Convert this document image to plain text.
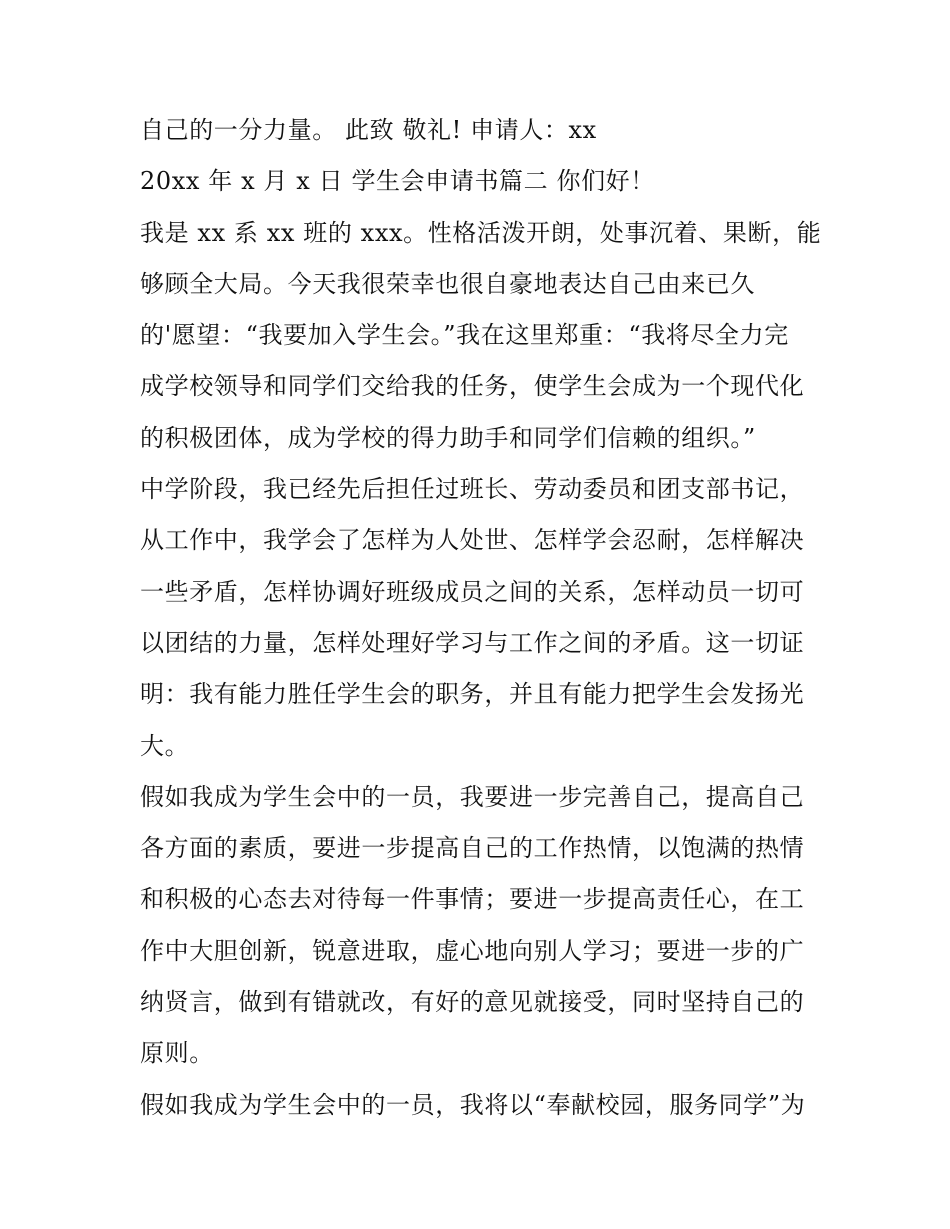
自己的一分力量。 此致 敬礼! 申请人：xx
20xx 年 x 月 x 日 学生会申请书篇二 你们好！
我是 xx 系 xx 班的 xxx。性格活泼开朗，处事沉着、果断，能
够顾全大局。今天我很荣幸也很自豪地表达自己由来已久
的'愿望：“我要加入学生会。”我在这里郑重：“我将尽全力完
成学校领导和同学们交给我的任务，使学生会成为一个现代化
的积极团体，成为学校的得力助手和同学们信赖的组织。”
中学阶段，我已经先后担任过班长、劳动委员和团支部书记，
从工作中，我学会了怎样为人处世、怎样学会忍耐，怎样解决
一些矛盾，怎样协调好班级成员之间的关系，怎样动员一切可
以团结的力量，怎样处理好学习与工作之间的矛盾。这一切证
明：我有能力胜任学生会的职务，并且有能力把学生会发扬光
大。
假如我成为学生会中的一员，我要进一步完善自己，提高自己
各方面的素质，要进一步提高自己的工作热情，以饱满的热情
和积极的心态去对待每一件事情；要进一步提高责任心，在工
作中大胆创新，锐意进取，虚心地向别人学习；要进一步的广
纳贤言，做到有错就改，有好的意见就接受，同时坚持自己的
原则。
假如我成为学生会中的一员，我将以“奉献校园，服务同学”为
